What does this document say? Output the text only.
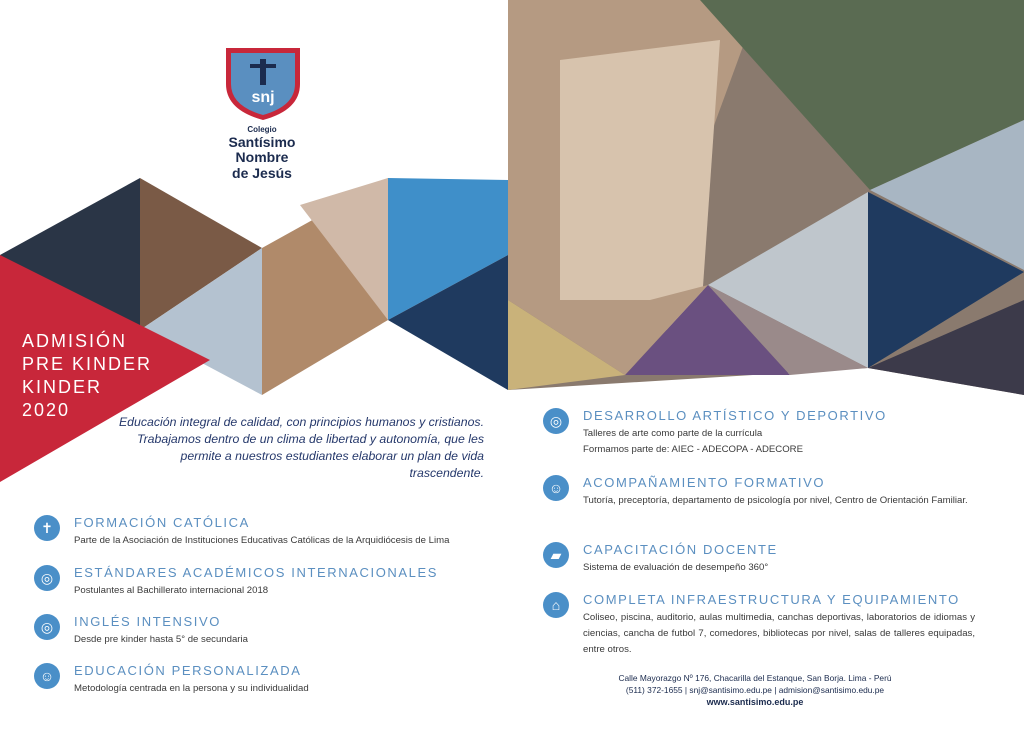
snj
Colegio
Santísimo
Nombre
de Jesús
ADMISIÓN
PRE KINDER
KINDER
2020
Educación integral de calidad, con principios humanos y cristianos. Trabajamos dentro de un clima de libertad y autonomía, que les permite a nuestros estudiantes elaborar un plan de vida trascendente.
✝	FORMACIÓN CATÓLICA
Parte de la Asociación de Instituciones Educativas Católicas de la Arquidiócesis de Lima
◎	ESTÁNDARES ACADÉMICOS INTERNACIONALES
Postulantes al Bachillerato internacional 2018
◎	INGLÉS INTENSIVO
Desde pre kinder hasta 5° de secundaria
☺	EDUCACIÓN PERSONALIZADA
Metodología centrada en la persona y su individualidad
◎	DESARROLLO ARTÍSTICO Y DEPORTIVO
Talleres de arte como parte de la currícula
Formamos parte de: AIEC - ADECOPA - ADECORE
☺	ACOMPAÑAMIENTO FORMATIVO
Tutoría, preceptoría, departamento de psicología por nivel, Centro de Orientación Familiar.
▰	CAPACITACIÓN DOCENTE
Sistema de evaluación de desempeño 360°
⌂	COMPLETA INFRAESTRUCTURA Y EQUIPAMIENTO
Coliseo, piscina, auditorio, aulas multimedia, canchas deportivas, laboratorios de idiomas y ciencias, cancha de futbol 7, comedores, bibliotecas por nivel, salas de talleres equipadas, entre otros.
Calle Mayorazgo Nº 176, Chacarilla del Estanque, San Borja. Lima - Perú
(511) 372-1655 | snj@santisimo.edu.pe | admision@santisimo.edu.pe
www.santisimo.edu.pe
